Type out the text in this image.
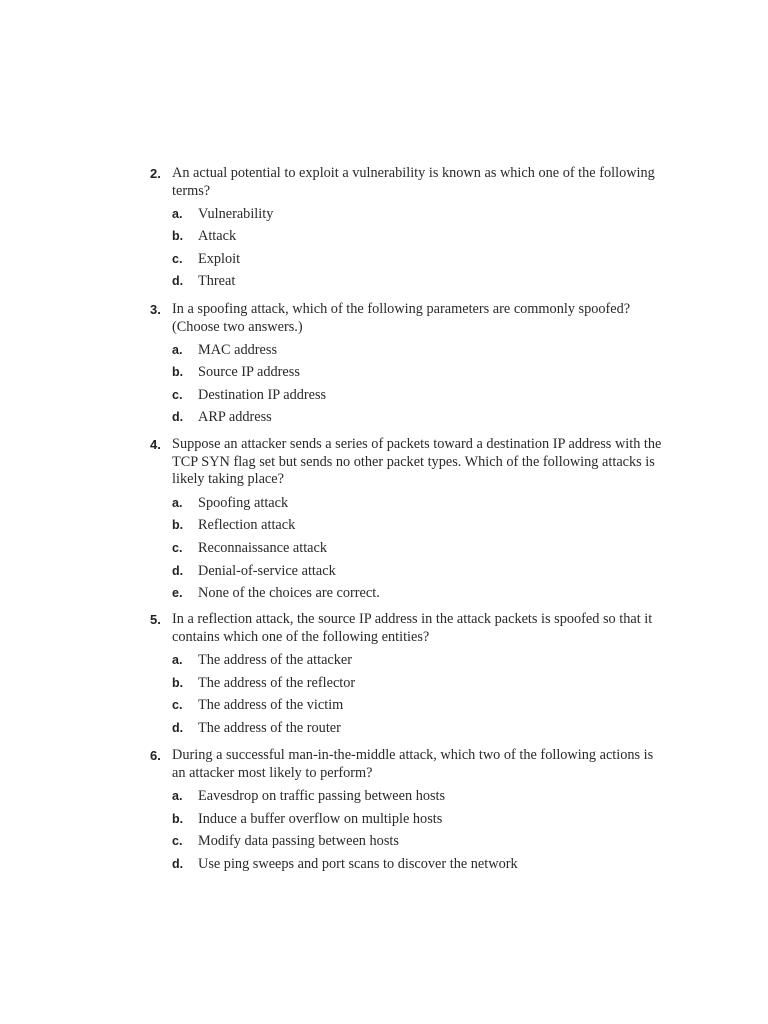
2. An actual potential to exploit a vulnerability is known as which one of the following terms?
a.	Vulnerability
b.	Attack
c.	Exploit
d.	Threat
3. In a spoofing attack, which of the following parameters are commonly spoofed? (Choose two answers.)
a.	MAC address
b.	Source IP address
c.	Destination IP address
d.	ARP address
4. Suppose an attacker sends a series of packets toward a destination IP address with the TCP SYN flag set but sends no other packet types. Which of the following attacks is likely taking place?
a.	Spoofing attack
b.	Reflection attack
c.	Reconnaissance attack
d.	Denial-of-service attack
e.	None of the choices are correct.
5. In a reflection attack, the source IP address in the attack packets is spoofed so that it contains which one of the following entities?
a.	The address of the attacker
b.	The address of the reflector
c.	The address of the victim
d.	The address of the router
6. During a successful man-in-the-middle attack, which two of the following actions is an attacker most likely to perform?
a.	Eavesdrop on traffic passing between hosts
b.	Induce a buffer overflow on multiple hosts
c.	Modify data passing between hosts
d.	Use ping sweeps and port scans to discover the network
